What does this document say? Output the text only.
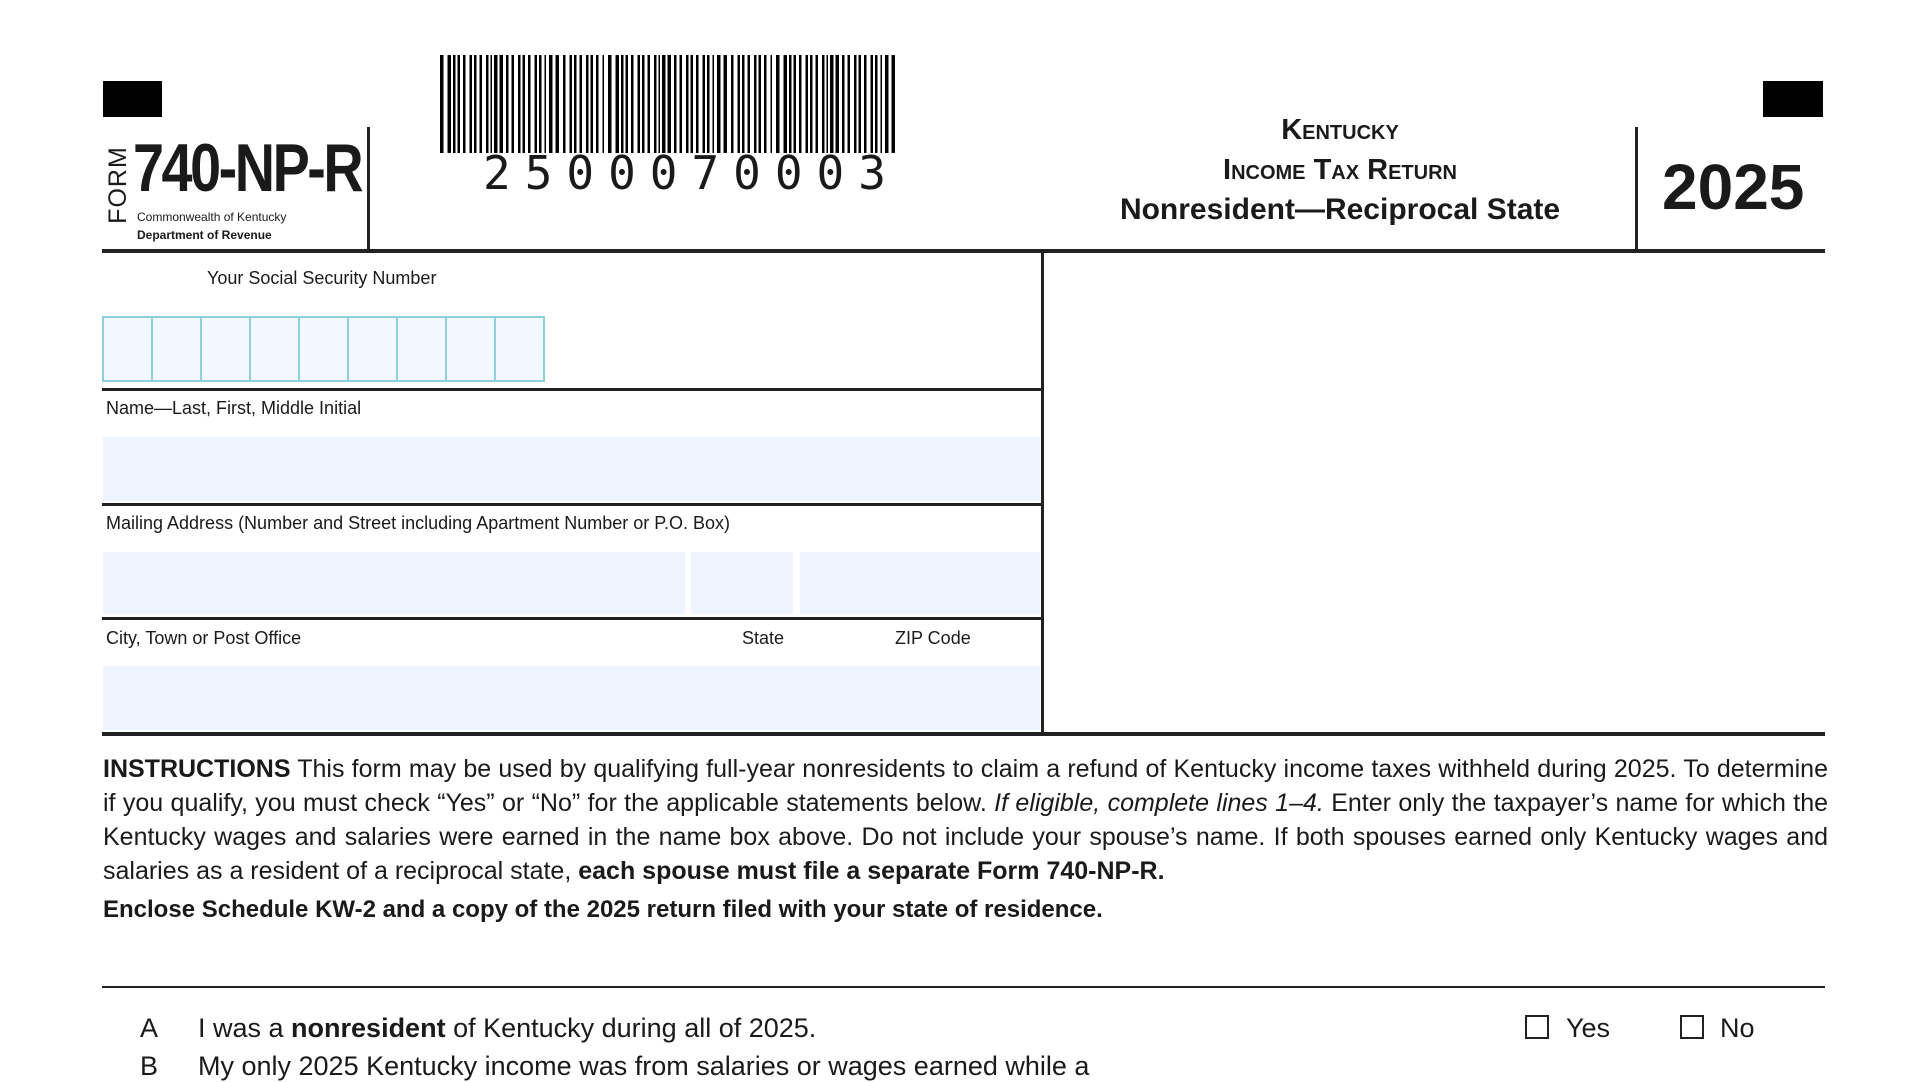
FORM 740-NP-R
Commonwealth of Kentucky
Department of Revenue
2500070003
Kentucky
Income Tax Return
Nonresident—Reciprocal State	2025
Your Social Security Number
Name—Last, First, Middle Initial
Mailing Address (Number and Street including Apartment Number or P.O. Box)
City, Town or Post Office	State	ZIP Code
INSTRUCTIONS This form may be used by qualifying full-year nonresidents to claim a refund of Kentucky income taxes withheld during 2025. To determine if you qualify, you must check “Yes” or “No” for the applicable statements below. If eligible, complete lines 1–4. Enter only the taxpayer’s name for which the Kentucky wages and salaries were earned in the name box above. Do not include your spouse’s name. If both spouses earned only Kentucky wages and salaries as a resident of a reciprocal state, each spouse must file a separate Form 740-NP-R.
Enclose Schedule KW-2 and a copy of the 2025 return filed with your state of residence.
A I was a nonresident of Kentucky during all of 2025.	Yes	No
B My only 2025 Kentucky income was from salaries or wages earned while a
